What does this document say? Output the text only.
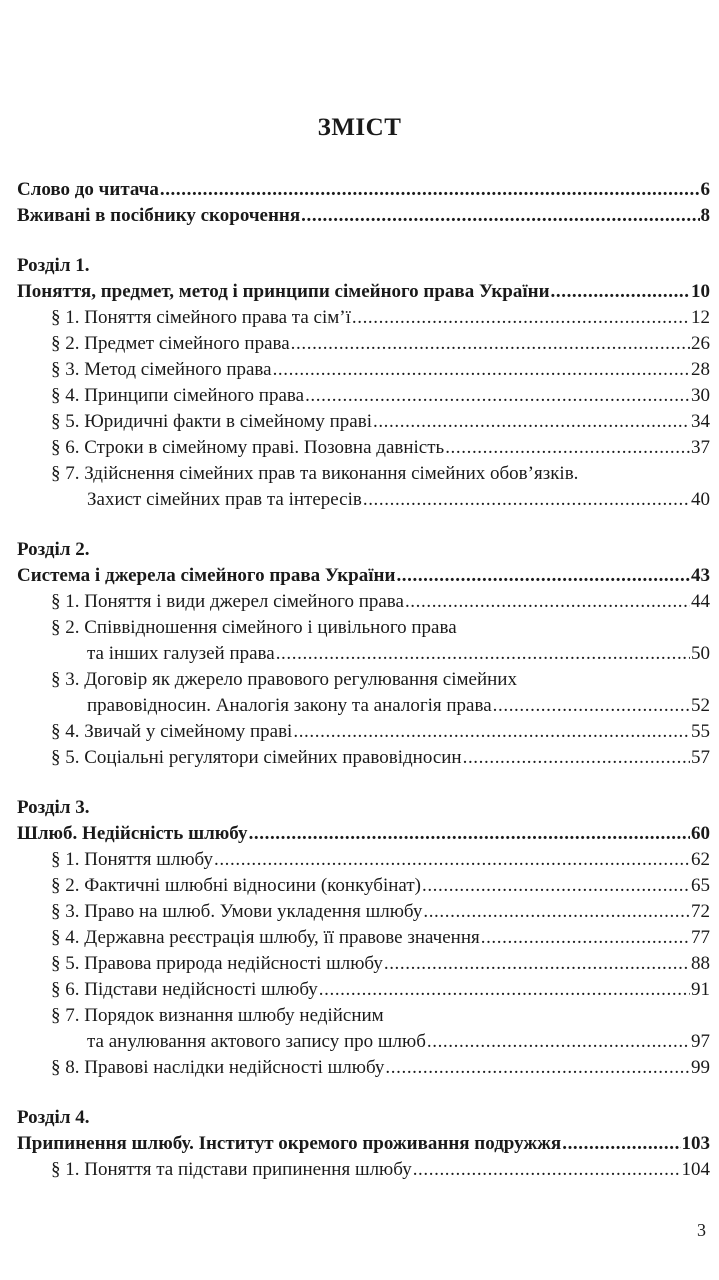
ЗМІСТ
Слово до читача .....	6
Вживані в посібнику скорочення .....	8
Розділ 1.
Поняття, предмет, метод і принципи сімейного права України .....	10
§ 1. Поняття сімейного права та сім’ї .....	12
§ 2. Предмет сімейного права .....	26
§ 3. Метод сімейного права .....	28
§ 4. Принципи сімейного права .....	30
§ 5. Юридичні факти в сімейному праві .....	34
§ 6. Строки в сімейному праві. Позовна давність .....	37
§ 7. Здійснення сімейних прав та виконання сімейних обов’язків.
Захист сімейних прав та інтересів .....	40
Розділ 2.
Система і джерела сімейного права України .....	43
§ 1. Поняття і види джерел сімейного права .....	44
§ 2. Співвідношення сімейного і цивільного права
та інших галузей права .....	50
§ 3. Договір як джерело правового регулювання сімейних
правовідносин. Аналогія закону та аналогія права .....	52
§ 4. Звичай у сімейному праві .....	55
§ 5. Соціальні регулятори сімейних правовідносин .....	57
Розділ 3.
Шлюб. Недійсність шлюбу .....	60
§ 1. Поняття шлюбу .....	62
§ 2. Фактичні шлюбні відносини (конкубінат) .....	65
§ 3. Право на шлюб. Умови укладення шлюбу .....	72
§ 4. Державна реєстрація шлюбу, її правове значення .....	77
§ 5. Правова природа недійсності шлюбу .....	88
§ 6. Підстави недійсності шлюбу .....	91
§ 7. Порядок визнання шлюбу недійсним
та анулювання актового запису про шлюб .....	97
§ 8. Правові наслідки недійсності шлюбу .....	99
Розділ 4.
Припинення шлюбу. Інститут окремого проживання подружжя .....	103
§ 1. Поняття та підстави припинення шлюбу .....	104
3
